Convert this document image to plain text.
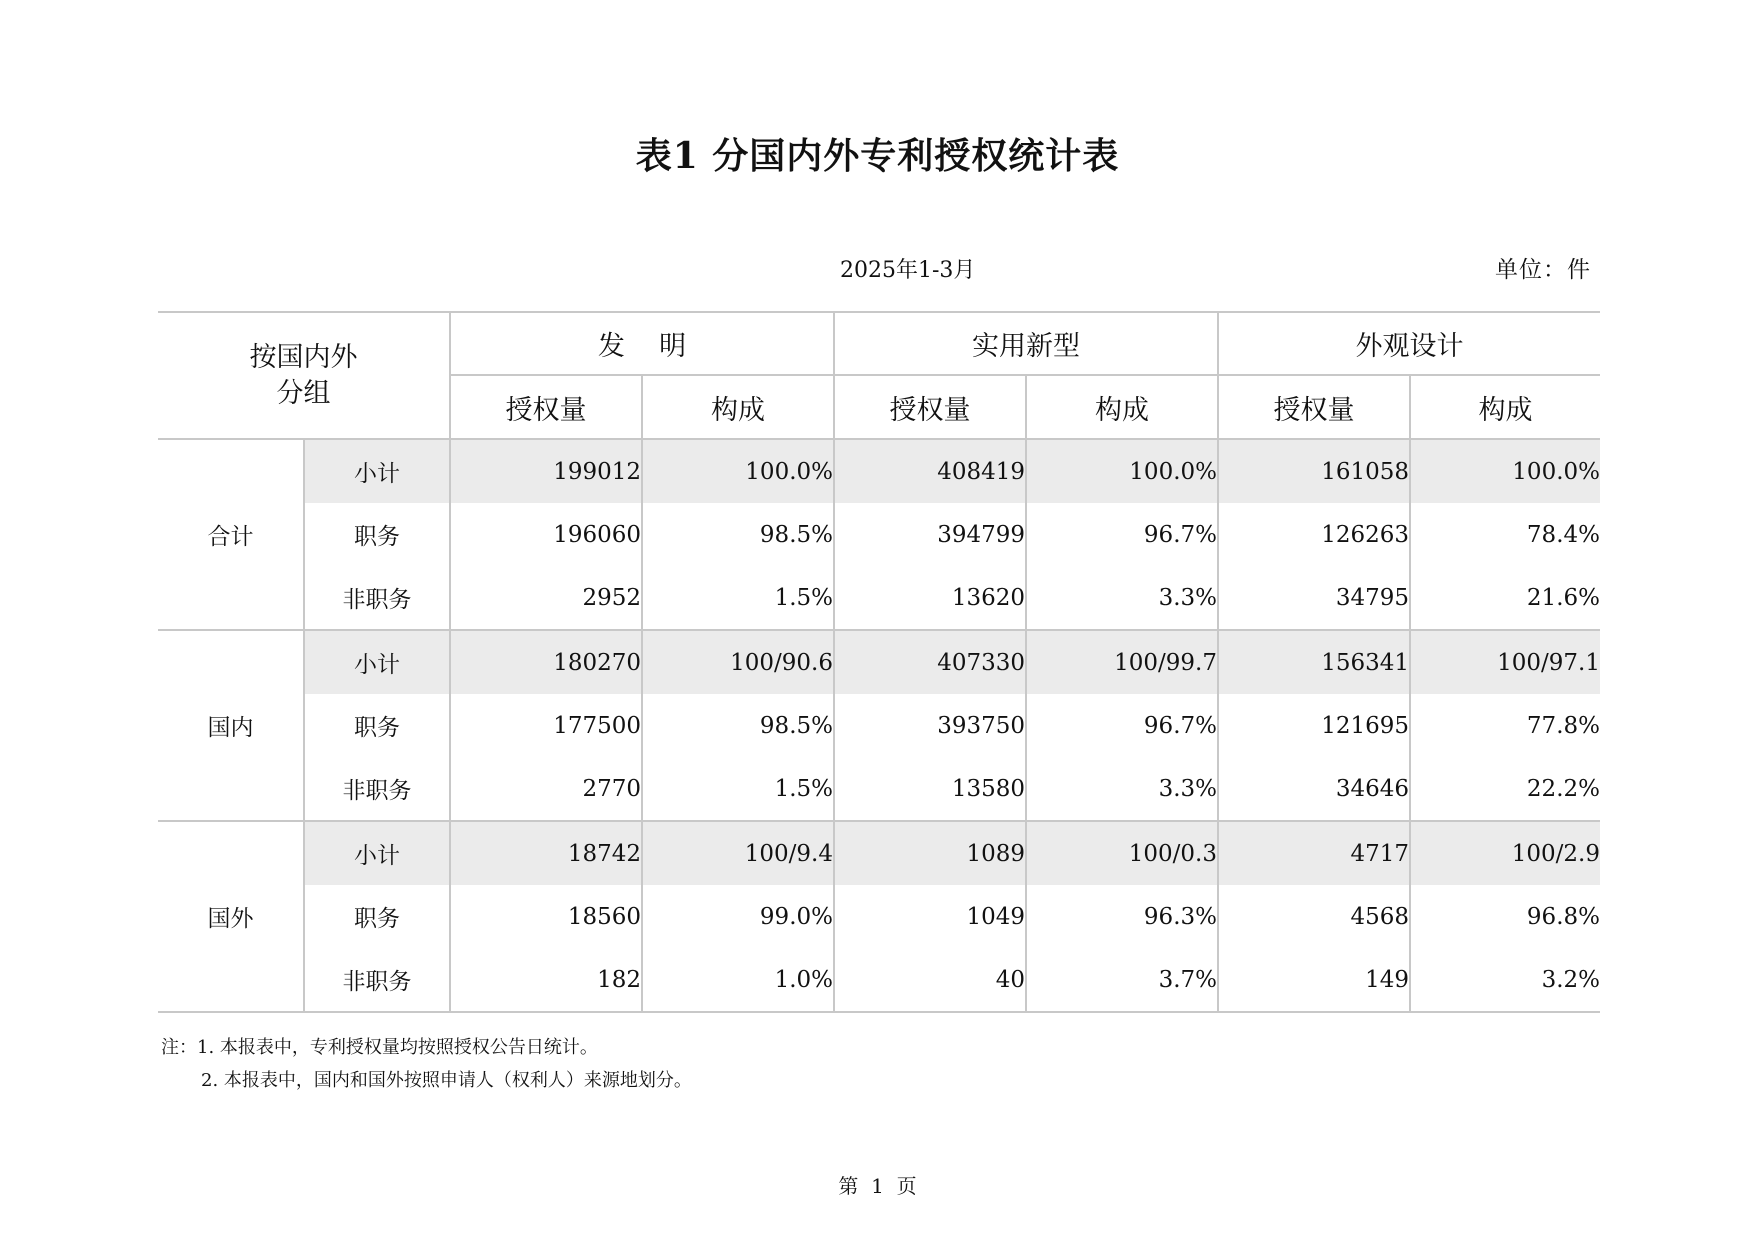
表1 分国内外专利授权统计表
2025年1-3月	单位：件
按国内外分组		发    明		实用新型		外观设计	
		授权量	构成	授权量	构成	授权量	构成
合计	小计	199012	100.0%	408419	100.0%	161058	100.0%
	职务	196060	98.5%	394799	96.7%	126263	78.4%
	非职务	2952	1.5%	13620	3.3%	34795	21.6%
国内	小计	180270	100/90.6	407330	100/99.7	156341	100/97.1
	职务	177500	98.5%	393750	96.7%	121695	77.8%
	非职务	2770	1.5%	13580	3.3%	34646	22.2%
国外	小计	18742	100/9.4	1089	100/0.3	4717	100/2.9
	职务	18560	99.0%	1049	96.3%	4568	96.8%
	非职务	182	1.0%	40	3.7%	149	3.2%
注：1. 本报表中，专利授权量均按照授权公告日统计。
2. 本报表中，国内和国外按照申请人（权利人）来源地划分。
第  1  页
